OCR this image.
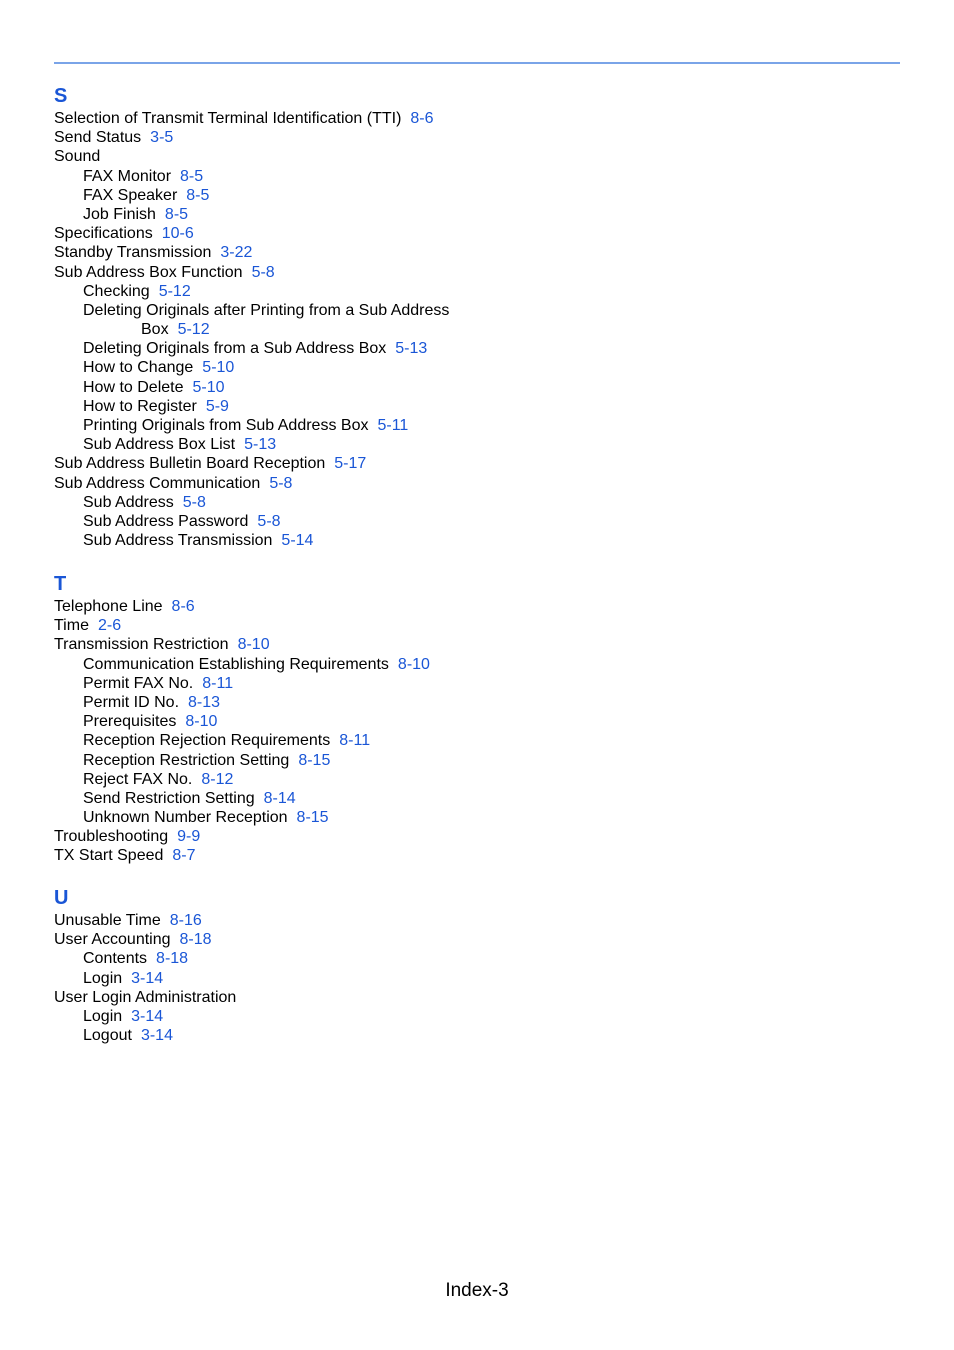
S
Selection of Transmit Terminal Identification (TTI) 8-6
Send Status 3-5
Sound
FAX Monitor 8-5
FAX Speaker 8-5
Job Finish 8-5
Specifications 10-6
Standby Transmission 3-22
Sub Address Box Function 5-8
Checking 5-12
Deleting Originals after Printing from a Sub Address
Box 5-12
Deleting Originals from a Sub Address Box 5-13
How to Change 5-10
How to Delete 5-10
How to Register 5-9
Printing Originals from Sub Address Box 5-11
Sub Address Box List 5-13
Sub Address Bulletin Board Reception 5-17
Sub Address Communication 5-8
Sub Address 5-8
Sub Address Password 5-8
Sub Address Transmission 5-14
T
Telephone Line 8-6
Time 2-6
Transmission Restriction 8-10
Communication Establishing Requirements 8-10
Permit FAX No. 8-11
Permit ID No. 8-13
Prerequisites 8-10
Reception Rejection Requirements 8-11
Reception Restriction Setting 8-15
Reject FAX No. 8-12
Send Restriction Setting 8-14
Unknown Number Reception 8-15
Troubleshooting 9-9
TX Start Speed 8-7
U
Unusable Time 8-16
User Accounting 8-18
Contents 8-18
Login 3-14
User Login Administration
Login 3-14
Logout 3-14
Index-3
